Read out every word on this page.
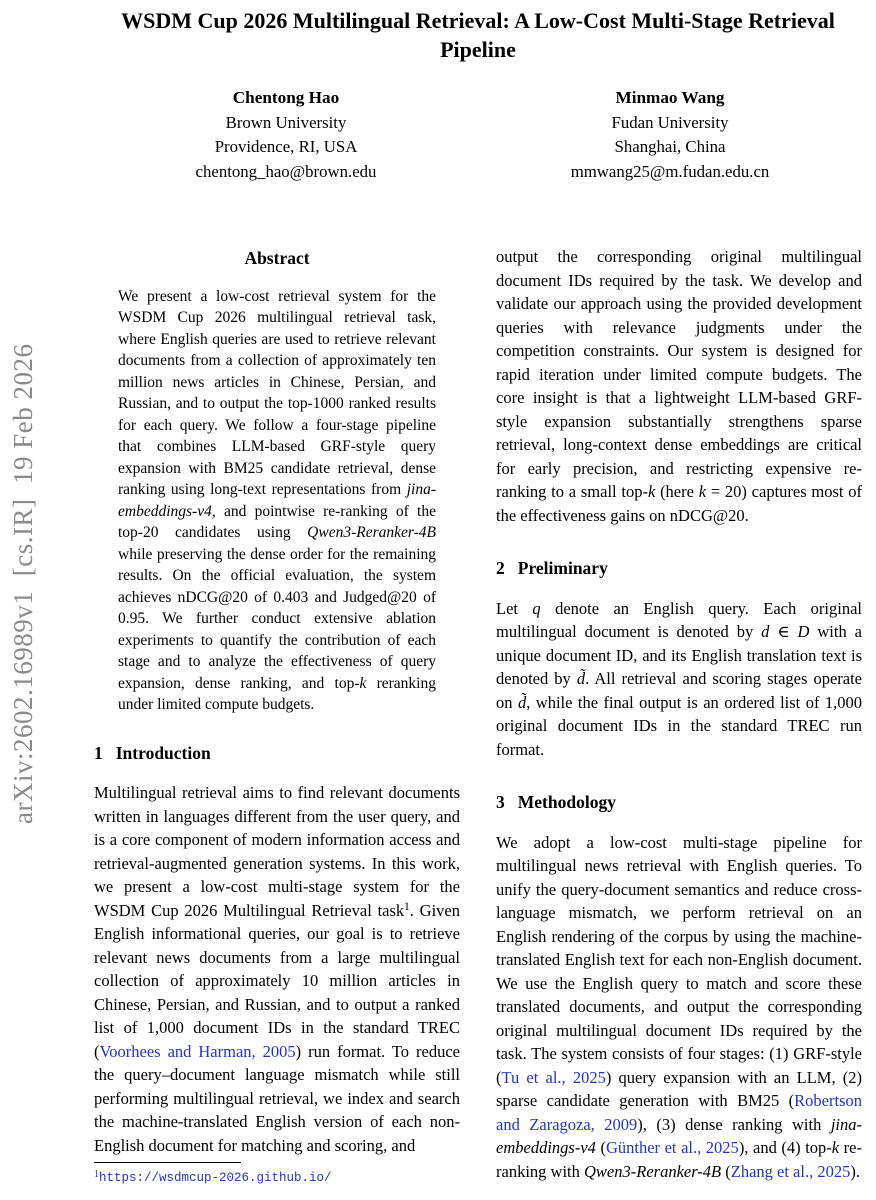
arXiv:2602.16989v1  [cs.IR]  19 Feb 2026
WSDM Cup 2026 Multilingual Retrieval: A Low-Cost Multi-Stage Retrieval Pipeline
Chentong Hao
Brown University
Providence, RI, USA
chentong_hao@brown.edu
Minmao Wang
Fudan University
Shanghai, China
mmwang25@m.fudan.edu.cn
Abstract

We present a low-cost retrieval system for the WSDM Cup 2026 multilingual retrieval task, where English queries are used to retrieve relevant documents from a collection of approximately ten million news articles in Chinese, Persian, and Russian, and to output the top-1000 ranked results for each query. We follow a four-stage pipeline that combines LLM-based GRF-style query expansion with BM25 candidate retrieval, dense ranking using long-text representations from jina-embeddings-v4, and pointwise re-ranking of the top-20 candidates using Qwen3-Reranker-4B while preserving the dense order for the remaining results. On the official evaluation, the system achieves nDCG@20 of 0.403 and Judged@20 of 0.95. We further conduct extensive ablation experiments to quantify the contribution of each stage and to analyze the effectiveness of query expansion, dense ranking, and top-k reranking under limited compute budgets.

1 Introduction

Multilingual retrieval aims to find relevant documents written in languages different from the user query, and is a core component of modern information access and retrieval-augmented generation systems. In this work, we present a low-cost multi-stage system for the WSDM Cup 2026 Multilingual Retrieval task$^1$. Given English informational queries, our goal is to retrieve relevant news documents from a large multilingual collection of approximately 10 million articles in Chinese, Persian, and Russian, and to output a ranked list of 1,000 document IDs in the standard TREC (Voorhees and Harman, 2005) run format. To reduce the query–document language mismatch while still performing multilingual retrieval, we index and search the machine-translated English version of each non-English document for matching and scoring, and

output the corresponding original multilingual document IDs required by the task. We develop and validate our approach using the provided development queries with relevance judgments under the competition constraints. Our system is designed for rapid iteration under limited compute budgets. The core insight is that a lightweight LLM-based GRF-style expansion substantially strengthens sparse retrieval, long-context dense embeddings are critical for early precision, and restricting expensive re-ranking to a small top-k (here k = 20) captures most of the effectiveness gains on nDCG@20.

2 Preliminary

Let q denote an English query. Each original multilingual document is denoted by d ∈ D with a unique document ID, and its English translation text is denoted by d̃. All retrieval and scoring stages operate on d̃, while the final output is an ordered list of 1,000 original document IDs in the standard TREC run format.

3 Methodology

We adopt a low-cost multi-stage pipeline for multilingual news retrieval with English queries. To unify the query-document semantics and reduce cross-language mismatch, we perform retrieval on an English rendering of the corpus by using the machine-translated English text for each non-English document. We use the English query to match and score these translated documents, and output the corresponding original multilingual document IDs required by the task. The system consists of four stages: (1) GRF-style (Tu et al., 2025) query expansion with an LLM, (2) sparse candidate generation with BM25 (Robertson and Zaragoza, 2009), (3) dense ranking with jina-embeddings-v4 (Günther et al., 2025), and (4) top-k re-ranking with Qwen3-Reranker-4B (Zhang et al., 2025).

$^1$https://wsdmcup-2026.github.io/
